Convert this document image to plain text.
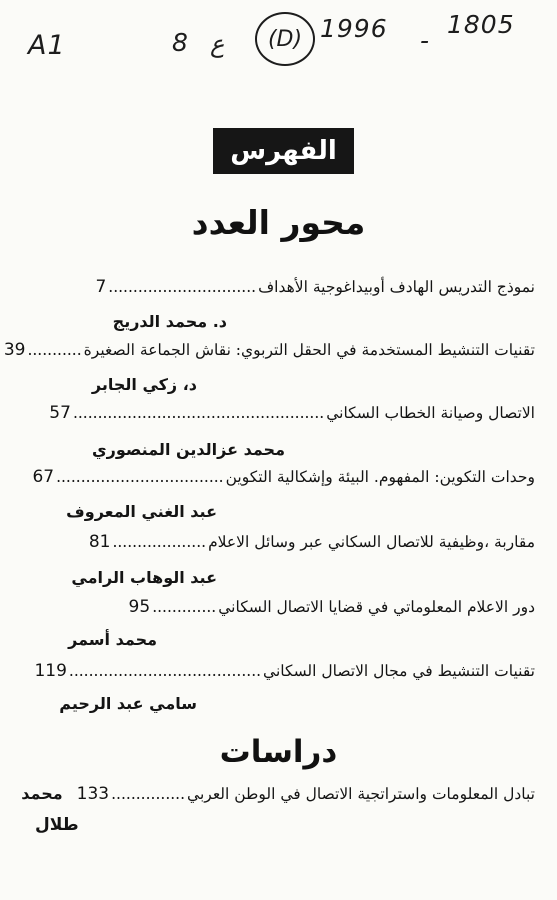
A1	8 ع (D) 1996 -
1805
الفهرس
محور العدد
نموذج التدريس الهادف أوبيداغوجية الأهداف
..............................
7
د. محمد الدريج
تقنيات التنشيط المستخدمة في الحقل التربوي: نقاش الجماعة الصغيرة
...........
39
د، زكي الجابر
الاتصال وصيانة الخطاب السكاني
...................................................
57
محمد عزالدين المنصوري
وحدات التكوين: المفهوم. البيئة وإشكالية التكوين
..................................
67
عبد الغني المعروف
مقاربة ،وظيفية للاتصال السكاني عبر وسائل الاعلام
...................
81
عبد الوهاب الرامي
دور الاعلام المعلوماتي في قضايا الاتصال السكاني
.............
95
محمد أسمر
تقنيات التنشيط في مجال الاتصال السكاني
.......................................
119
سامي عبد الرحيم
دراسات
تبادل المعلومات واستراتجية الاتصال في الوطن العربي
...............
133
محمد
طلال
